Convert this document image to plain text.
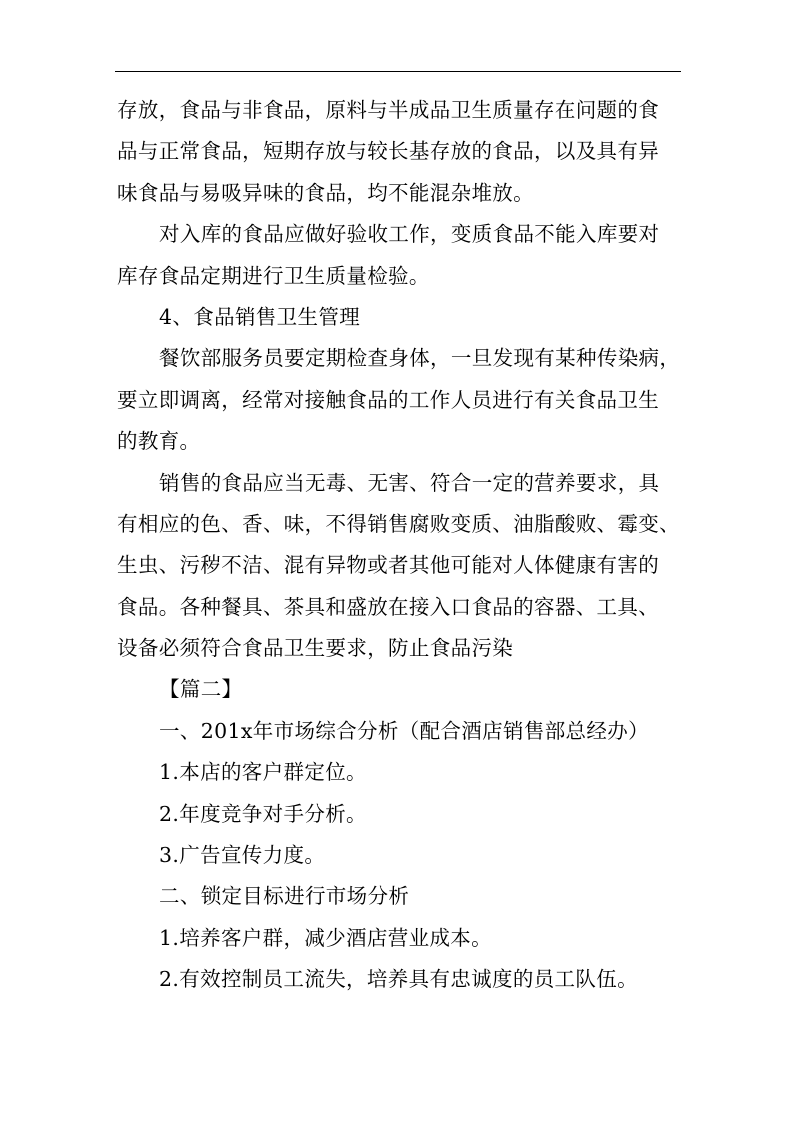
存放，食品与非食品，原料与半成品卫生质量存在问题的食
品与正常食品，短期存放与较长基存放的食品，以及具有异
味食品与易吸异味的食品，均不能混杂堆放。
对入库的食品应做好验收工作，变质食品不能入库要对
库存食品定期进行卫生质量检验。
4、食品销售卫生管理
餐饮部服务员要定期检查身体，一旦发现有某种传染病，
要立即调离，经常对接触食品的工作人员进行有关食品卫生
的教育。
销售的食品应当无毒、无害、符合一定的营养要求，具
有相应的色、香、味，不得销售腐败变质、油脂酸败、霉变、
生虫、污秽不洁、混有异物或者其他可能对人体健康有害的
食品。各种餐具、茶具和盛放在接入口食品的容器、工具、
设备必须符合食品卫生要求，防止食品污染
【篇二】
一、201x年市场综合分析（配合酒店销售部总经办）
1.本店的客户群定位。
2.年度竞争对手分析。
3.广告宣传力度。
二、锁定目标进行市场分析
1.培养客户群，减少酒店营业成本。
2.有效控制员工流失，培养具有忠诚度的员工队伍。
